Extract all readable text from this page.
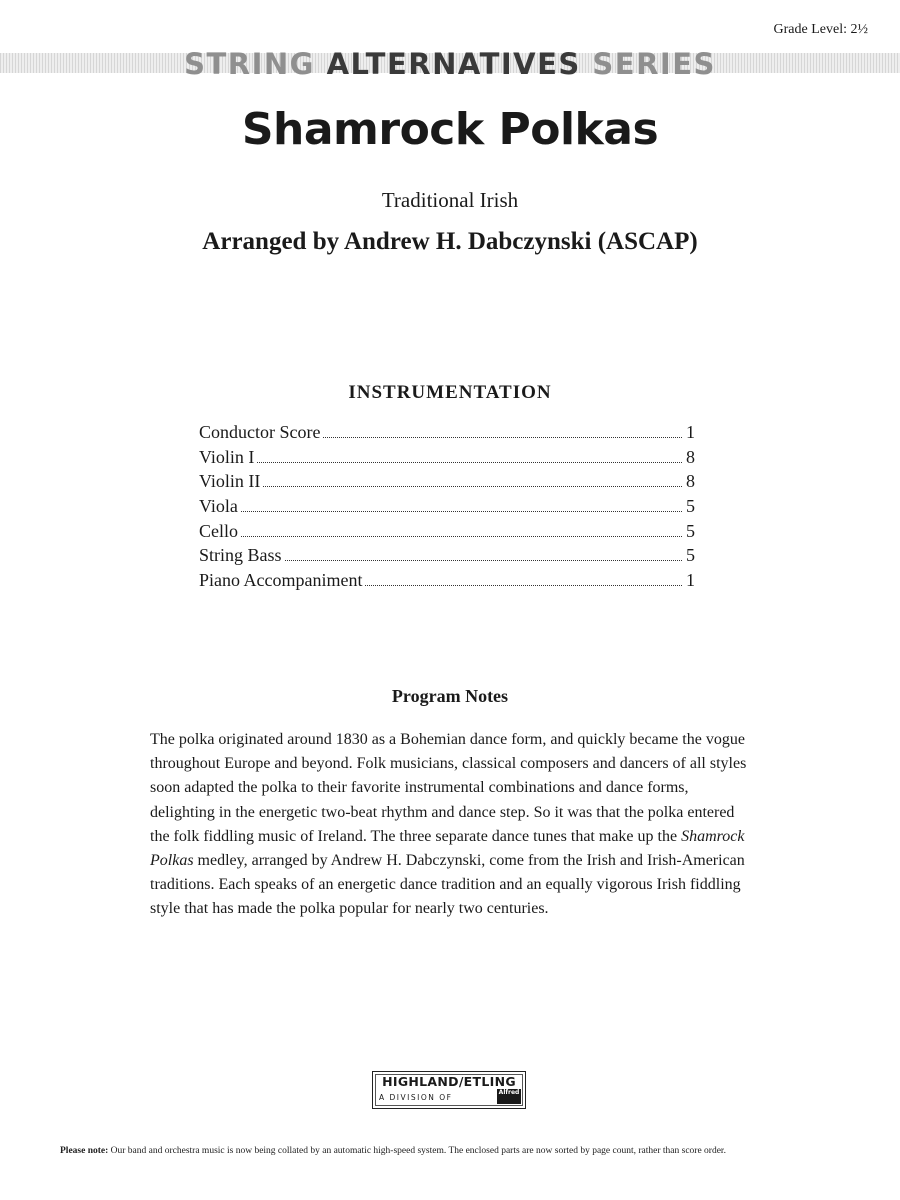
Grade Level: 2½
STRING ALTERNATIVES SERIES
Shamrock Polkas
Traditional Irish
Arranged by Andrew H. Dabczynski (ASCAP)
INSTRUMENTATION
Conductor Score	1
Violin I	8
Violin II	8
Viola	5
Cello	5
String Bass	5
Piano Accompaniment	1
Program Notes

The polka originated around 1830 as a Bohemian dance form, and quickly became the vogue throughout Europe and beyond. Folk musicians, classical composers and dancers of all styles soon adapted the polka to their favorite instrumental combinations and dance forms, delighting in the energetic two-beat rhythm and dance step. So it was that the polka entered the folk fiddling music of Ireland. The three separate dance tunes that make up the Shamrock Polkas medley, arranged by Andrew H. Dabczynski, come from the Irish and Irish-American traditions. Each speaks of an energetic dance tradition and an equally vigorous Irish fiddling style that has made the polka popular for nearly two centuries.

HIGHLAND/ETLING
A DIVISION OF
Alfred
Please note: Our band and orchestra music is now being collated by an automatic high-speed system. The enclosed parts are now sorted by page count, rather than score order.
